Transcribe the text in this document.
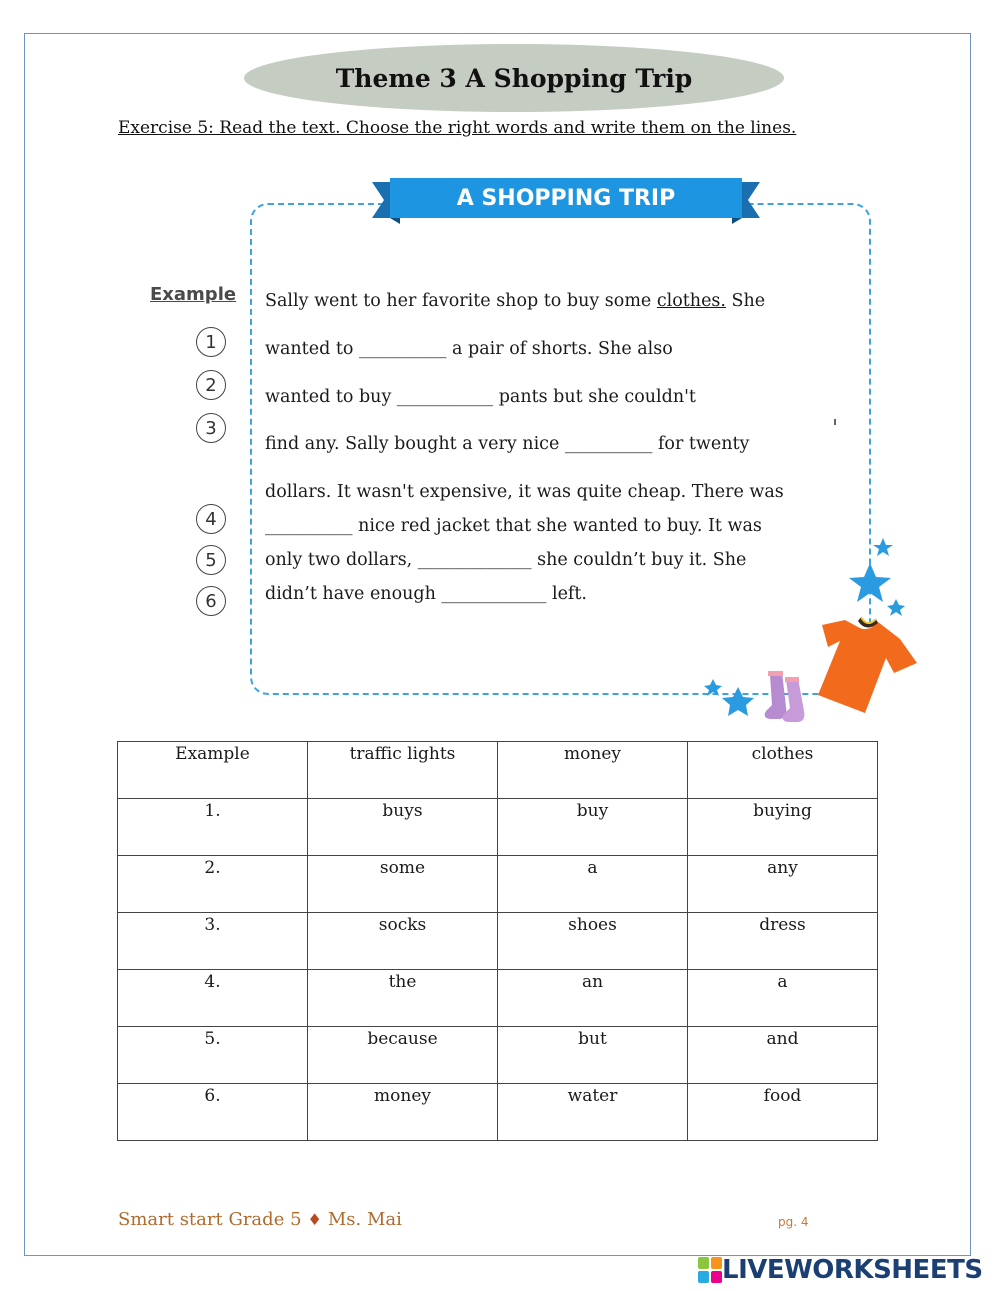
Theme 3 A Shopping Trip
Exercise 5: Read the text. Choose the right words and write them on the lines.
A SHOPPING TRIP
Example
1
2
3
4
5
6
Sally went to her favorite shop to buy some clothes. She
wanted to __________ a pair of shorts. She also
wanted to buy ___________ pants but she couldn't
find any. Sally bought a very nice __________ for twenty
dollars. It wasn't expensive, it was quite cheap. There was
__________ nice red jacket that she wanted to buy. It was
only two dollars, _____________ she couldn’t buy it. She
didn’t have enough ____________ left.
Example	traffic lights	money	clothes
1.	buys	buy	buying
2.	some	a	any
3.	socks	shoes	dress
4.	the	an	a
5.	because	but	and
6.	money	water	food
Smart start Grade 5 ♦ Ms. Mai	pg. 4
LIVEWORKSHEETS
